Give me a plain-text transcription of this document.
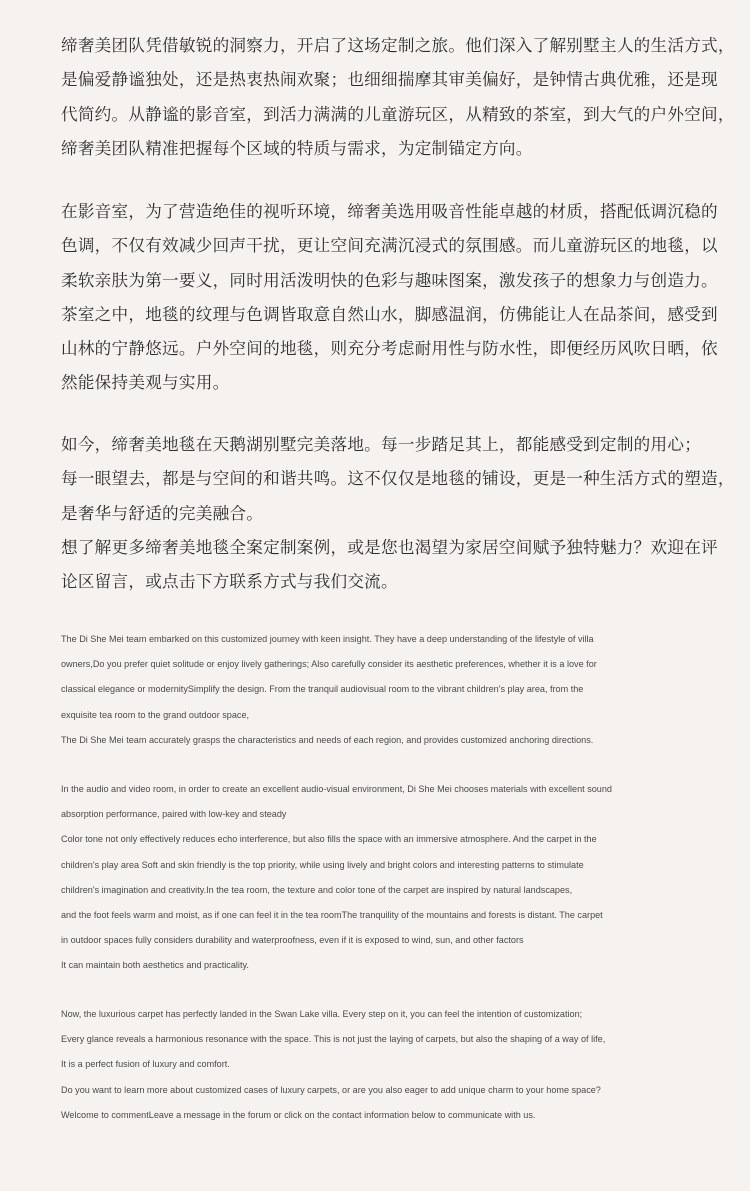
缔奢美团队凭借敏锐的洞察力，开启了这场定制之旅。他们深入了解别墅主人的生活方式，
是偏爱静谧独处，还是热衷热闹欢聚；也细细揣摩其审美偏好，是钟情古典优雅，还是现
代简约。从静谧的影音室，到活力满满的儿童游玩区，从精致的茶室，到大气的户外空间，
缔奢美团队精准把握每个区域的特质与需求，为定制锚定方向。
在影音室，为了营造绝佳的视听环境，缔奢美选用吸音性能卓越的材质，搭配低调沉稳的
色调，不仅有效减少回声干扰，更让空间充满沉浸式的氛围感。而儿童游玩区的地毯，以
柔软亲肤为第一要义，同时用活泼明快的色彩与趣味图案，激发孩子的想象力与创造力。
茶室之中，地毯的纹理与色调皆取意自然山水，脚感温润，仿佛能让人在品茶间，感受到
山林的宁静悠远。户外空间的地毯，则充分考虑耐用性与防水性，即便经历风吹日晒，依
然能保持美观与实用。
如今，缔奢美地毯在天鹅湖别墅完美落地。每一步踏足其上，都能感受到定制的用心；
每一眼望去，都是与空间的和谐共鸣。这不仅仅是地毯的铺设，更是一种生活方式的塑造，
是奢华与舒适的完美融合。
想了解更多缔奢美地毯全案定制案例，或是您也渴望为家居空间赋予独特魅力？欢迎在评
论区留言，或点击下方联系方式与我们交流。
The Di She Mei team embarked on this customized journey with keen insight. They have a deep understanding of the lifestyle of villa
owners,Do you prefer quiet solitude or enjoy lively gatherings; Also carefully consider its aesthetic preferences, whether it is a love for
classical elegance or modernitySimplify the design. From the tranquil audiovisual room to the vibrant children's play area, from the
exquisite tea room to the grand outdoor space,
The Di She Mei team accurately grasps the characteristics and needs of each region, and provides customized anchoring directions.
In the audio and video room, in order to create an excellent audio-visual environment, Di She Mei chooses materials with excellent sound
absorption performance, paired with low-key and steady
Color tone not only effectively reduces echo interference, but also fills the space with an immersive atmosphere. And the carpet in the
children's play area Soft and skin friendly is the top priority, while using lively and bright colors and interesting patterns to stimulate
children's imagination and creativity.In the tea room, the texture and color tone of the carpet are inspired by natural landscapes,
and the foot feels warm and moist, as if one can feel it in the tea roomThe tranquility of the mountains and forests is distant. The carpet
in outdoor spaces fully considers durability and waterproofness, even if it is exposed to wind, sun, and other factors
It can maintain both aesthetics and practicality.
Now, the luxurious carpet has perfectly landed in the Swan Lake villa. Every step on it, you can feel the intention of customization;
Every glance reveals a harmonious resonance with the space. This is not just the laying of carpets, but also the shaping of a way of life,
It is a perfect fusion of luxury and comfort.
Do you want to learn more about customized cases of luxury carpets, or are you also eager to add unique charm to your home space?
Welcome to commentLeave a message in the forum or click on the contact information below to communicate with us.
